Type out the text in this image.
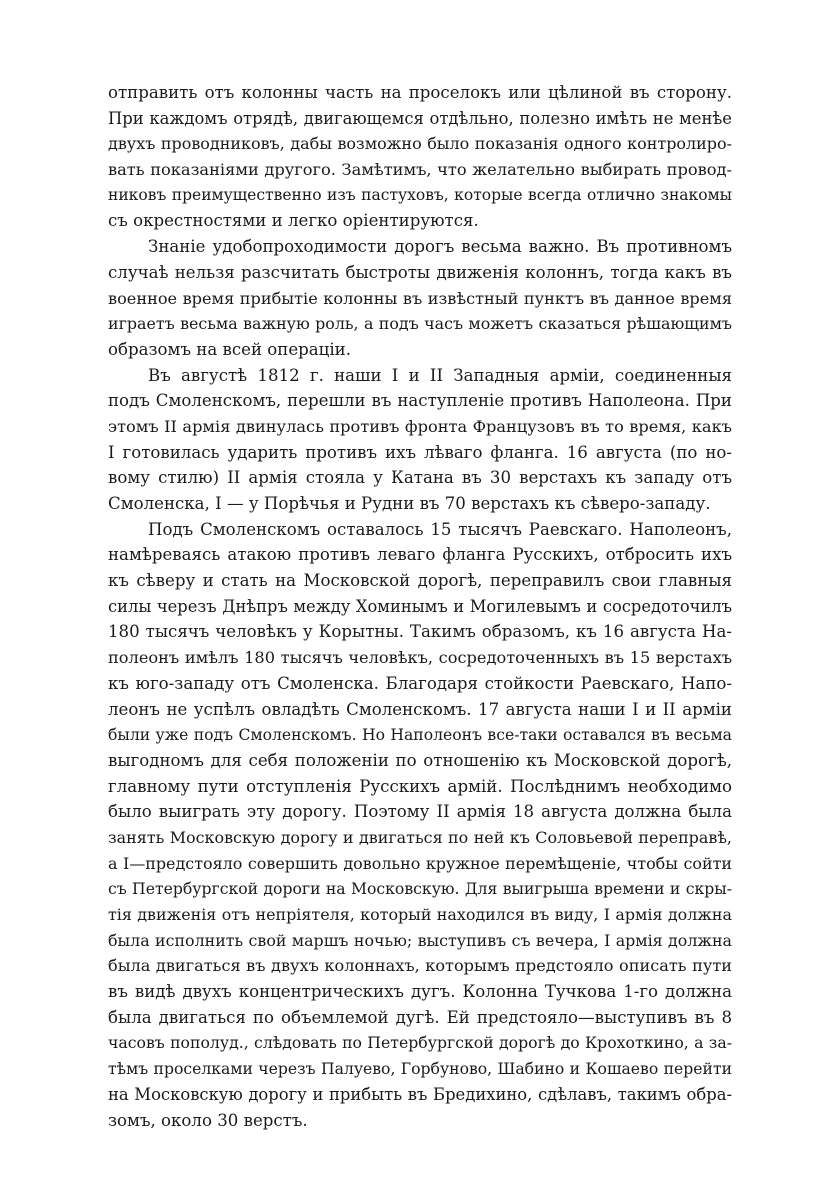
отправить отъ колонны часть на проселокъ или цѣлиной въ сторону.
При каждомъ отрядѣ, двигающемся отдѣльно, полезно имѣть не менѣе
двухъ проводниковъ, дабы возможно было показанія одного контролиро-
вать показаніями другого. Замѣтимъ, что желательно выбирать провод-
никовъ преимущественно изъ пастуховъ, которые всегда отлично знакомы
съ окрестностями и легко оріентируются.
Знаніе удобопроходимости дорогъ весьма важно. Въ противномъ
случаѣ нельзя разсчитать быстроты движенія колоннъ, тогда какъ въ
военное время прибытіе колонны въ извѣстный пунктъ въ данное время
играетъ весьма важную роль, а подъ часъ можетъ сказаться рѣшающимъ
образомъ на всей операціи.
Въ августѣ 1812 г. наши I и II Западныя арміи, соединенныя
подъ Смоленскомъ, перешли въ наступленіе противъ Наполеона. При
этомъ II армія двинулась противъ фронта Французовъ въ то время, какъ
I готовилась ударить противъ ихъ лѣваго фланга. 16 августа (по но-
вому стилю) II армія стояла у Катана въ 30 верстахъ къ западу отъ
Смоленска, I — у Порѣчья и Рудни въ 70 верстахъ къ сѣверо-западу.
Подъ Смоленскомъ оставалось 15 тысячъ Раевскаго. Наполеонъ,
намѣреваясь атакою противъ леваго фланга Русскихъ, отбросить ихъ
къ сѣверу и стать на Московской дорогѣ, переправилъ свои главныя
силы черезъ Днѣпръ между Хоминымъ и Могилевымъ и сосредоточилъ
180 тысячъ человѣкъ у Корытны. Такимъ образомъ, къ 16 августа На-
полеонъ имѣлъ 180 тысячъ человѣкъ, сосредоточенныхъ въ 15 верстахъ
къ юго-западу отъ Смоленска. Благодаря стойкости Раевскаго, Напо-
леонъ не успѣлъ овладѣть Смоленскомъ. 17 августа наши I и II арміи
были уже подъ Смоленскомъ. Но Наполеонъ все-таки оставался въ весьма
выгодномъ для себя положеніи по отношенію къ Московской дорогѣ,
главному пути отступленія Русскихъ армій. Послѣднимъ необходимо
было выиграть эту дорогу. Поэтому II армія 18 августа должна была
занять Московскую дорогу и двигаться по ней къ Соловьевой переправѣ,
а I—предстояло совершить довольно кружное перемѣщеніе, чтобы сойти
съ Петербургской дороги на Московскую. Для выигрыша времени и скры-
тія движенія отъ непріятеля, который находился въ виду, I армія должна
была исполнить свой маршъ ночью; выступивъ съ вечера, I армія должна
была двигаться въ двухъ колоннахъ, которымъ предстояло описать пути
въ видѣ двухъ концентрическихъ дугъ. Колонна Тучкова 1-го должна
была двигаться по объемлемой дугѣ. Ей предстояло—выступивъ въ 8
часовъ пополуд., слѣдовать по Петербургской дорогѣ до Крохоткино, а за-
тѣмъ проселками черезъ Палуево, Горбуново, Шабино и Кошаево перейти
на Московскую дорогу и прибыть въ Бредихино, сдѣлавъ, такимъ обра-
зомъ, около 30 верстъ.
